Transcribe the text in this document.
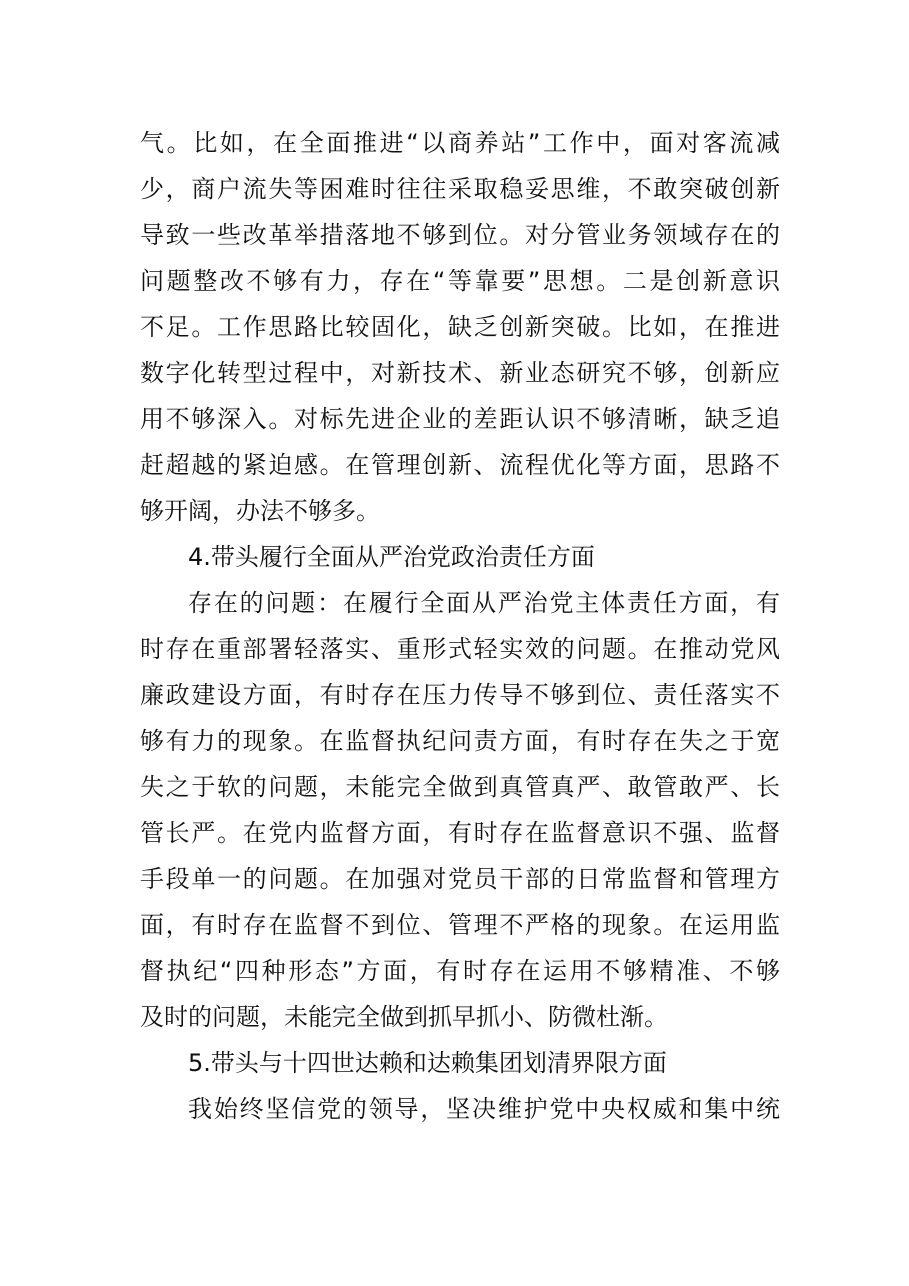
气。比如，在全面推进“以商养站”工作中，面对客流减
少，商户流失等困难时往往采取稳妥思维，不敢突破创新
导致一些改革举措落地不够到位。对分管业务领域存在的
问题整改不够有力，存在“等靠要”思想。二是创新意识
不足。工作思路比较固化，缺乏创新突破。比如，在推进
数字化转型过程中，对新技术、新业态研究不够，创新应
用不够深入。对标先进企业的差距认识不够清晰，缺乏追
赶超越的紧迫感。在管理创新、流程优化等方面，思路不
够开阔，办法不够多。
4.带头履行全面从严治党政治责任方面
存在的问题：在履行全面从严治党主体责任方面，有
时存在重部署轻落实、重形式轻实效的问题。在推动党风
廉政建设方面，有时存在压力传导不够到位、责任落实不
够有力的现象。在监督执纪问责方面，有时存在失之于宽
失之于软的问题，未能完全做到真管真严、敢管敢严、长
管长严。在党内监督方面，有时存在监督意识不强、监督
手段单一的问题。在加强对党员干部的日常监督和管理方
面，有时存在监督不到位、管理不严格的现象。在运用监
督执纪“四种形态”方面，有时存在运用不够精准、不够
及时的问题，未能完全做到抓早抓小、防微杜渐。
5.带头与十四世达赖和达赖集团划清界限方面
我始终坚信党的领导，坚决维护党中央权威和集中统
